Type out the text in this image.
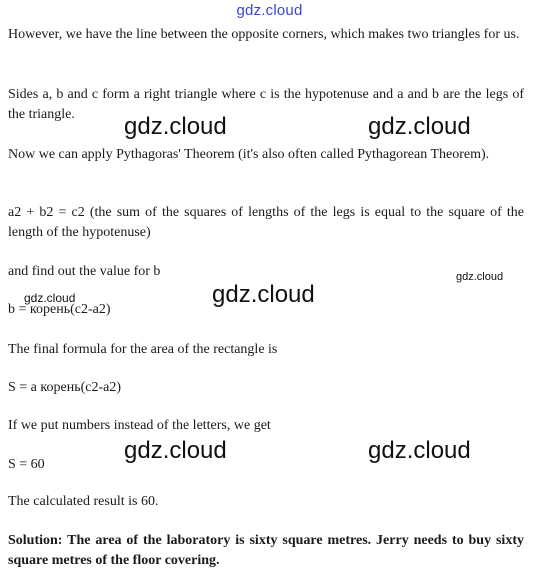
gdz.cloud
However, we have the line between the opposite corners, which makes two triangles for us.
Sides a, b and c form a right triangle where c is the hypotenuse and a and b are the legs of the triangle.
Now we can apply Pythagoras' Theorem (it's also often called Pythagorean Theorem).
a2 + b2 = c2 (the sum of the squares of lengths of the legs is equal to the square of the length of the hypotenuse)
and find out the value for b
b = корень(c2-a2)
The final formula for the area of the rectangle is
S = a корень(c2-a2)
If we put numbers instead of the letters, we get
S = 60
The calculated result is 60.
Solution: The area of the laboratory is sixty square metres. Jerry needs to buy sixty square metres of the floor covering.
gdz.cloud	gdz.cloud
gdz.cloud
gdz.cloud	gdz.cloud
gdz.cloud	gdz.cloud
